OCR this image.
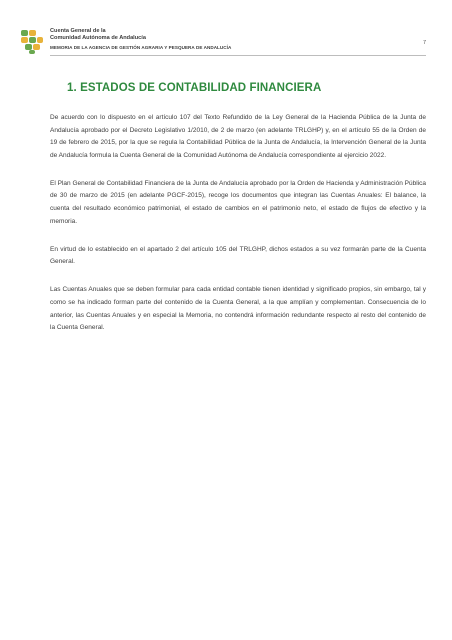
Cuenta General de la
Comunidad Autónoma de Andalucía
MEMORIA DE LA AGENCIA DE GESTIÓN AGRARIA Y PESQUERA DE ANDALUCÍA
7
1. ESTADOS DE CONTABILIDAD FINANCIERA

De acuerdo con lo dispuesto en el artículo 107 del Texto Refundido de la Ley General de la Hacienda Pública de la Junta de Andalucía aprobado por el Decreto Legislativo 1/2010, de 2 de marzo (en adelante TRLGHP) y, en el artículo 55 de la Orden de 19 de febrero de 2015, por la que se regula la Contabilidad Pública de la Junta de Andalucía, la Intervención General de la Junta de Andalucía formula la Cuenta General de la Comunidad Autónoma de Andalucía correspondiente al ejercicio 2022.

El Plan General de Contabilidad Financiera de la Junta de Andalucía aprobado por la Orden de Hacienda y Administración Pública de 30 de marzo de 2015 (en adelante PGCF-2015), recoge los documentos que integran las Cuentas Anuales: El balance, la cuenta del resultado económico patrimonial, el estado de cambios en el patrimonio neto, el estado de flujos de efectivo y la memoria.

En virtud de lo establecido en el apartado 2 del artículo 105 del TRLGHP, dichos estados a su vez formarán parte de la Cuenta General.

Las Cuentas Anuales que se deben formular para cada entidad contable tienen identidad y significado propios, sin embargo, tal y como se ha indicado forman parte del contenido de la Cuenta General, a la que amplían y complementan. Consecuencia de lo anterior, las Cuentas Anuales y en especial la Memoria, no contendrá información redundante respecto al resto del contenido de la Cuenta General.
